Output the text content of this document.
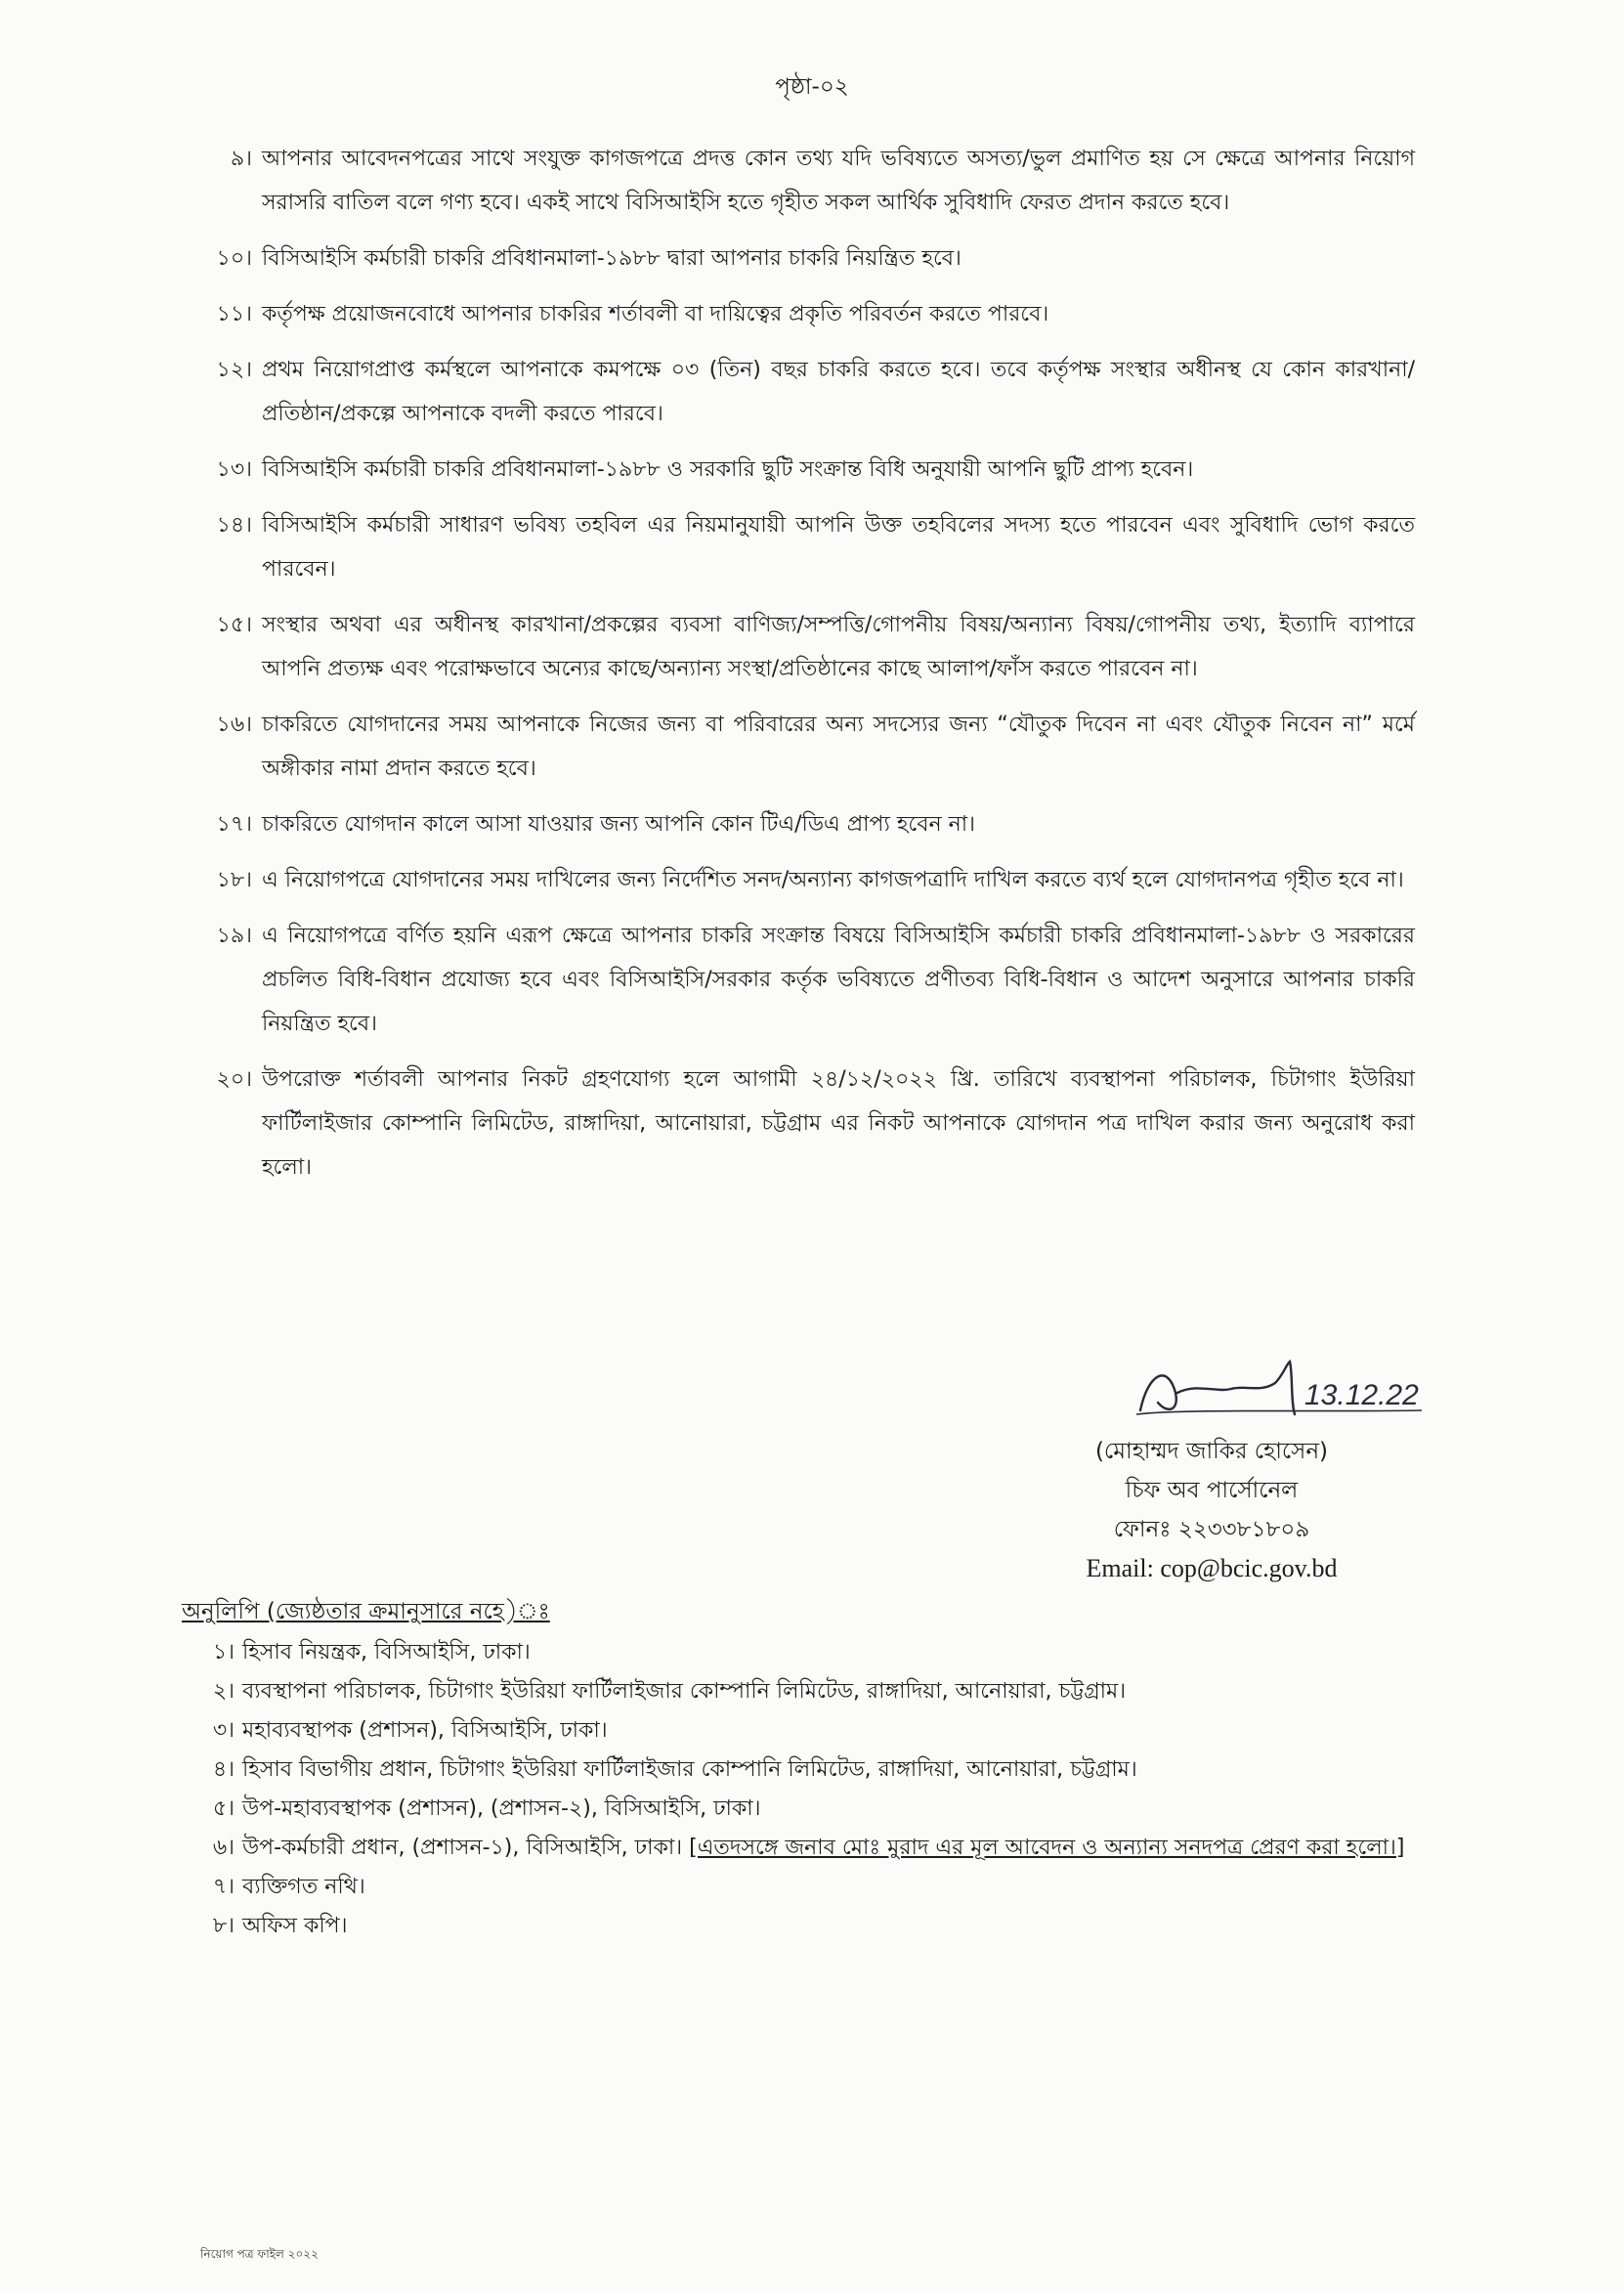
পৃষ্ঠা-০২
৯। আপনার আবেদনপত্রের সাথে সংযুক্ত কাগজপত্রে প্রদত্ত কোন তথ্য যদি ভবিষ্যতে অসত্য/ভুল প্রমাণিত হয় সে ক্ষেত্রে আপনার নিয়োগ সরাসরি বাতিল বলে গণ্য হবে। একই সাথে বিসিআইসি হতে গৃহীত সকল আর্থিক সুবিধাদি ফেরত প্রদান করতে হবে।
১০। বিসিআইসি কর্মচারী চাকরি প্রবিধানমালা-১৯৮৮ দ্বারা আপনার চাকরি নিয়ন্ত্রিত হবে।
১১। কর্তৃপক্ষ প্রয়োজনবোধে আপনার চাকরির শর্তাবলী বা দায়িত্বের প্রকৃতি পরিবর্তন করতে পারবে।
১২। প্রথম নিয়োগপ্রাপ্ত কর্মস্থলে আপনাকে কমপক্ষে ০৩ (তিন) বছর চাকরি করতে হবে। তবে কর্তৃপক্ষ সংস্থার অধীনস্থ যে কোন কারখানা/প্রতিষ্ঠান/প্রকল্পে আপনাকে বদলী করতে পারবে।
১৩। বিসিআইসি কর্মচারী চাকরি প্রবিধানমালা-১৯৮৮ ও সরকারি ছুটি সংক্রান্ত বিধি অনুযায়ী আপনি ছুটি প্রাপ্য হবেন।
১৪। বিসিআইসি কর্মচারী সাধারণ ভবিষ্য তহবিল এর নিয়মানুযায়ী আপনি উক্ত তহবিলের সদস্য হতে পারবেন এবং সুবিধাদি ভোগ করতে পারবেন।
১৫। সংস্থার অথবা এর অধীনস্থ কারখানা/প্রকল্পের ব্যবসা বাণিজ্য/সম্পত্তি/গোপনীয় বিষয়/অন্যান্য বিষয়/গোপনীয় তথ্য, ইত্যাদি ব্যাপারে আপনি প্রত্যক্ষ এবং পরোক্ষভাবে অন্যের কাছে/অন্যান্য সংস্থা/প্রতিষ্ঠানের কাছে আলাপ/ফাঁস করতে পারবেন না।
১৬। চাকরিতে যোগদানের সময় আপনাকে নিজের জন্য বা পরিবারের অন্য সদস্যের জন্য “যৌতুক দিবেন না এবং যৌতুক নিবেন না” মর্মে অঙ্গীকার নামা প্রদান করতে হবে।
১৭। চাকরিতে যোগদান কালে আসা যাওয়ার জন্য আপনি কোন টিএ/ডিএ প্রাপ্য হবেন না।
১৮। এ নিয়োগপত্রে যোগদানের সময় দাখিলের জন্য নির্দেশিত সনদ/অন্যান্য কাগজপত্রাদি দাখিল করতে ব্যর্থ হলে যোগদানপত্র গৃহীত হবে না।
১৯। এ নিয়োগপত্রে বর্ণিত হয়নি এরূপ ক্ষেত্রে আপনার চাকরি সংক্রান্ত বিষয়ে বিসিআইসি কর্মচারী চাকরি প্রবিধানমালা-১৯৮৮ ও সরকারের প্রচলিত বিধি-বিধান প্রযোজ্য হবে এবং বিসিআইসি/সরকার কর্তৃক ভবিষ্যতে প্রণীতব্য বিধি-বিধান ও আদেশ অনুসারে আপনার চাকরি নিয়ন্ত্রিত হবে।
২০। উপরোক্ত শর্তাবলী আপনার নিকট গ্রহণযোগ্য হলে আগামী ২৪/১২/২০২২ খ্রি. তারিখে ব্যবস্থাপনা পরিচালক, চিটাগাং ইউরিয়া ফার্টিলাইজার কোম্পানি লিমিটেড, রাঙ্গাদিয়া, আনোয়ারা, চট্টগ্রাম এর নিকট আপনাকে যোগদান পত্র দাখিল করার জন্য অনুরোধ করা হলো।
13.12.22
(মোহাম্মদ জাকির হোসেন)
চিফ অব পার্সোনেল
ফোনঃ ২২৩৩৮১৮০৯
Email: cop@bcic.gov.bd
অনুলিপি (জ্যেষ্ঠতার ক্রমানুসারে নহে)ঃ
১। হিসাব নিয়ন্ত্রক, বিসিআইসি, ঢাকা।
২। ব্যবস্থাপনা পরিচালক, চিটাগাং ইউরিয়া ফার্টিলাইজার কোম্পানি লিমিটেড, রাঙ্গাদিয়া, আনোয়ারা, চট্টগ্রাম।
৩। মহাব্যবস্থাপক (প্রশাসন), বিসিআইসি, ঢাকা।
৪। হিসাব বিভাগীয় প্রধান, চিটাগাং ইউরিয়া ফার্টিলাইজার কোম্পানি লিমিটেড, রাঙ্গাদিয়া, আনোয়ারা, চট্টগ্রাম।
৫। উপ-মহাব্যবস্থাপক (প্রশাসন), (প্রশাসন-২), বিসিআইসি, ঢাকা।
৬। উপ-কর্মচারী প্রধান, (প্রশাসন-১), বিসিআইসি, ঢাকা। [এতদসঙ্গে জনাব মোঃ মুরাদ এর মূল আবেদন ও অন্যান্য সনদপত্র প্রেরণ করা হলো।]
৭। ব্যক্তিগত নথি।
৮। অফিস কপি।
নিয়োগ পত্র ফাইল ২০২২
